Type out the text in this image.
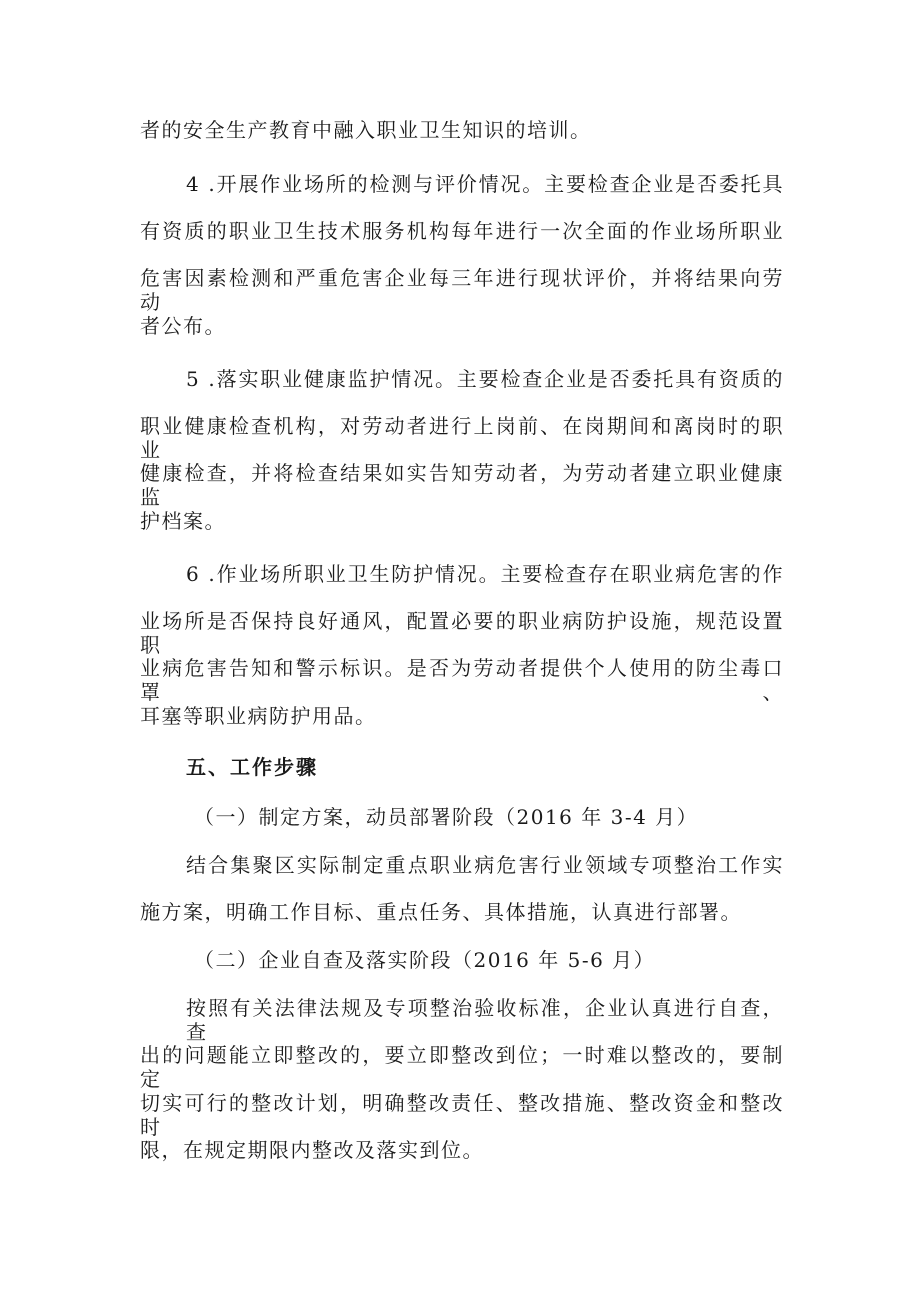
者的安全生产教育中融入职业卫生知识的培训。
4 .开展作业场所的检测与评价情况。主要检查企业是否委托具
有资质的职业卫生技术服务机构每年进行一次全面的作业场所职业
危害因素检测和严重危害企业每三年进行现状评价，并将结果向劳动
者公布。
5 .落实职业健康监护情况。主要检查企业是否委托具有资质的
职业健康检查机构，对劳动者进行上岗前、在岗期间和离岗时的职业
健康检查，并将检查结果如实告知劳动者，为劳动者建立职业健康监
护档案。
6 .作业场所职业卫生防护情况。主要检查存在职业病危害的作
业场所是否保持良好通风，配置必要的职业病防护设施，规范设置职
业病危害告知和警示标识。是否为劳动者提供个人使用的防尘毒口罩、
耳塞等职业病防护用品。
五、工作步骤
（一）制定方案，动员部署阶段（2016 年 3-4 月）
结合集聚区实际制定重点职业病危害行业领域专项整治工作实
施方案，明确工作目标、重点任务、具体措施，认真进行部署。
（二）企业自查及落实阶段（2016 年 5-6 月）
按照有关法律法规及专项整治验收标准，企业认真进行自查，查
出的问题能立即整改的，要立即整改到位；一时难以整改的，要制定
切实可行的整改计划，明确整改责任、整改措施、整改资金和整改时
限，在规定期限内整改及落实到位。
